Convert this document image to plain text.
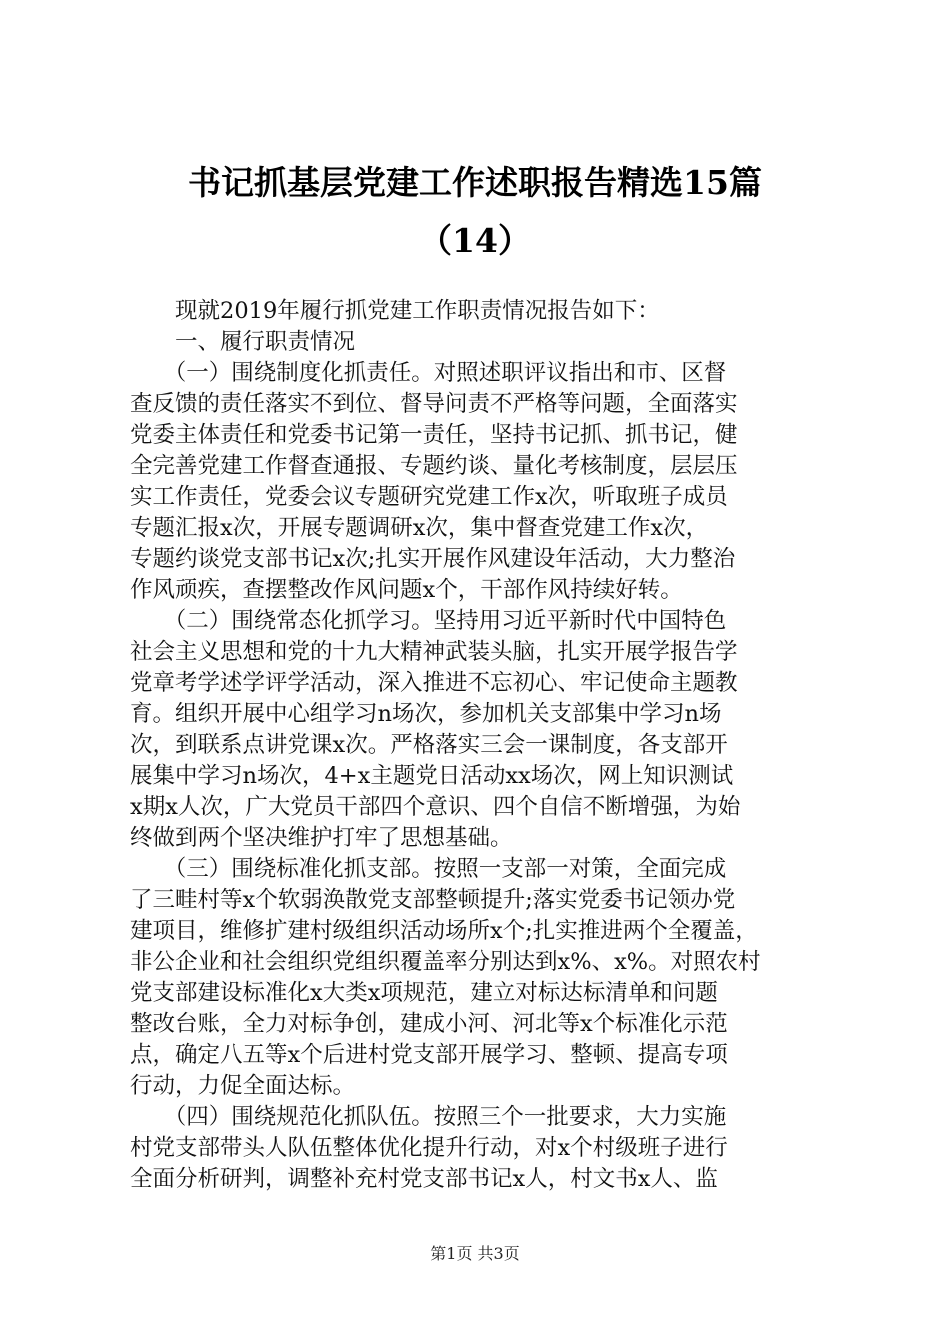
书记抓基层党建工作述职报告精选15篇
（14）
　　现就2019年履行抓党建工作职责情况报告如下：
　　一、履行职责情况
　　（一）围绕制度化抓责任。对照述职评议指出和市、区督
查反馈的责任落实不到位、督导问责不严格等问题，全面落实
党委主体责任和党委书记第一责任，坚持书记抓、抓书记，健
全完善党建工作督查通报、专题约谈、量化考核制度，层层压
实工作责任，党委会议专题研究党建工作x次，听取班子成员
专题汇报x次，开展专题调研x次，集中督查党建工作x次，
专题约谈党支部书记x次;扎实开展作风建设年活动，大力整治
作风顽疾，查摆整改作风问题x个，干部作风持续好转。
　　（二）围绕常态化抓学习。坚持用习近平新时代中国特色
社会主义思想和党的十九大精神武装头脑，扎实开展学报告学
党章考学述学评学活动，深入推进不忘初心、牢记使命主题教
育。组织开展中心组学习n场次，参加机关支部集中学习n场
次，到联系点讲党课x次。严格落实三会一课制度，各支部开
展集中学习n场次，4+x主题党日活动xx场次，网上知识测试
x期x人次，广大党员干部四个意识、四个自信不断增强，为始
终做到两个坚决维护打牢了思想基础。
　　（三）围绕标准化抓支部。按照一支部一对策，全面完成
了三畦村等x个软弱涣散党支部整顿提升;落实党委书记领办党
建项目，维修扩建村级组织活动场所x个;扎实推进两个全覆盖，
非公企业和社会组织党组织覆盖率分别达到x%、x%。对照农村
党支部建设标准化x大类x项规范，建立对标达标清单和问题
整改台账，全力对标争创，建成小河、河北等x个标准化示范
点，确定八五等x个后进村党支部开展学习、整顿、提高专项
行动，力促全面达标。
　　（四）围绕规范化抓队伍。按照三个一批要求，大力实施
村党支部带头人队伍整体优化提升行动，对x个村级班子进行
全面分析研判，调整补充村党支部书记x人，村文书x人、监
第1页 共3页
